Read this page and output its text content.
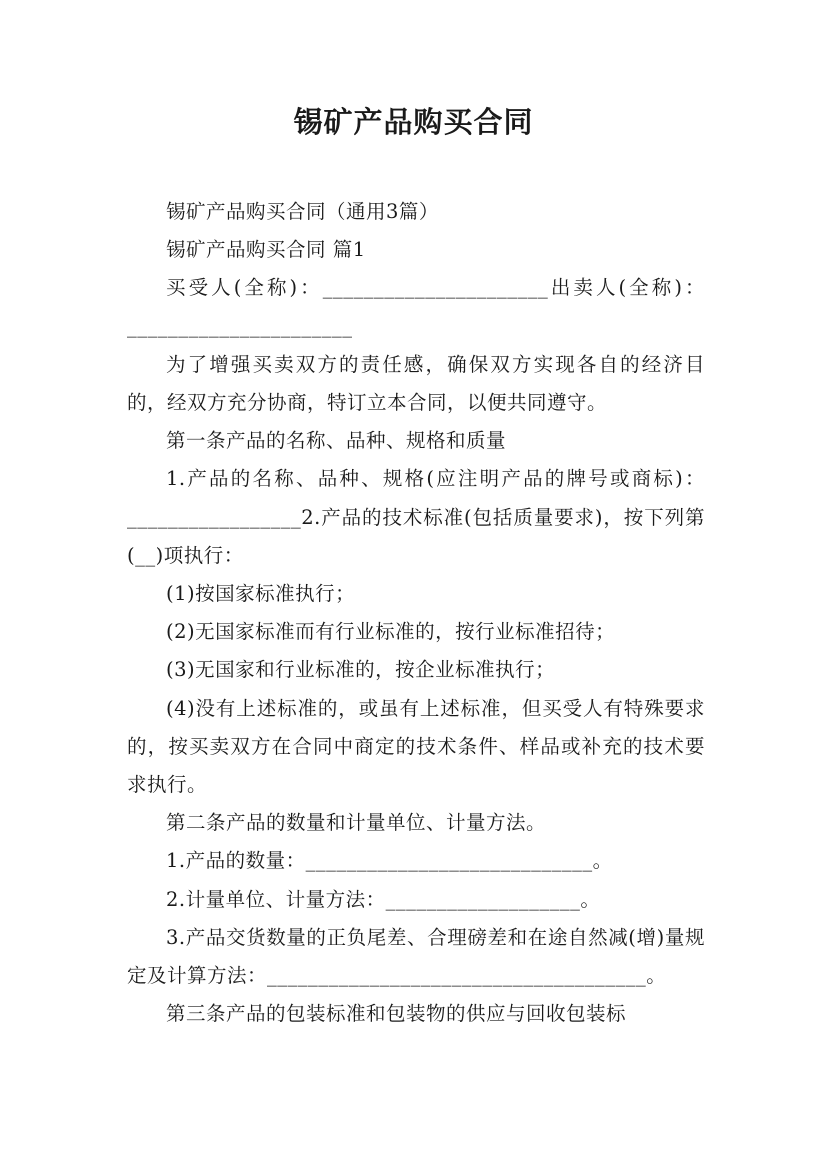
锡矿产品购买合同

锡矿产品购买合同（通用3篇）

锡矿产品购买合同 篇1

买受人(全称)：______________________出卖人(全称)：______________________

为了增强买卖双方的责任感，确保双方实现各自的经济目的，经双方充分协商，特订立本合同，以便共同遵守。

第一条产品的名称、品种、规格和质量

1.产品的名称、品种、规格(应注明产品的牌号或商标)：_________________2.产品的技术标准(包括质量要求)，按下列第(__)项执行：

(1)按国家标准执行；

(2)无国家标准而有行业标准的，按行业标准招待；

(3)无国家和行业标准的，按企业标准执行；

(4)没有上述标准的，或虽有上述标准，但买受人有特殊要求的，按买卖双方在合同中商定的技术条件、样品或补充的技术要求执行。

第二条产品的数量和计量单位、计量方法。

1.产品的数量：____________________________。

2.计量单位、计量方法：___________________。

3.产品交货数量的正负尾差、合理磅差和在途自然减(增)量规定及计算方法：_____________________________________。

第三条产品的包装标准和包装物的供应与回收包装标
